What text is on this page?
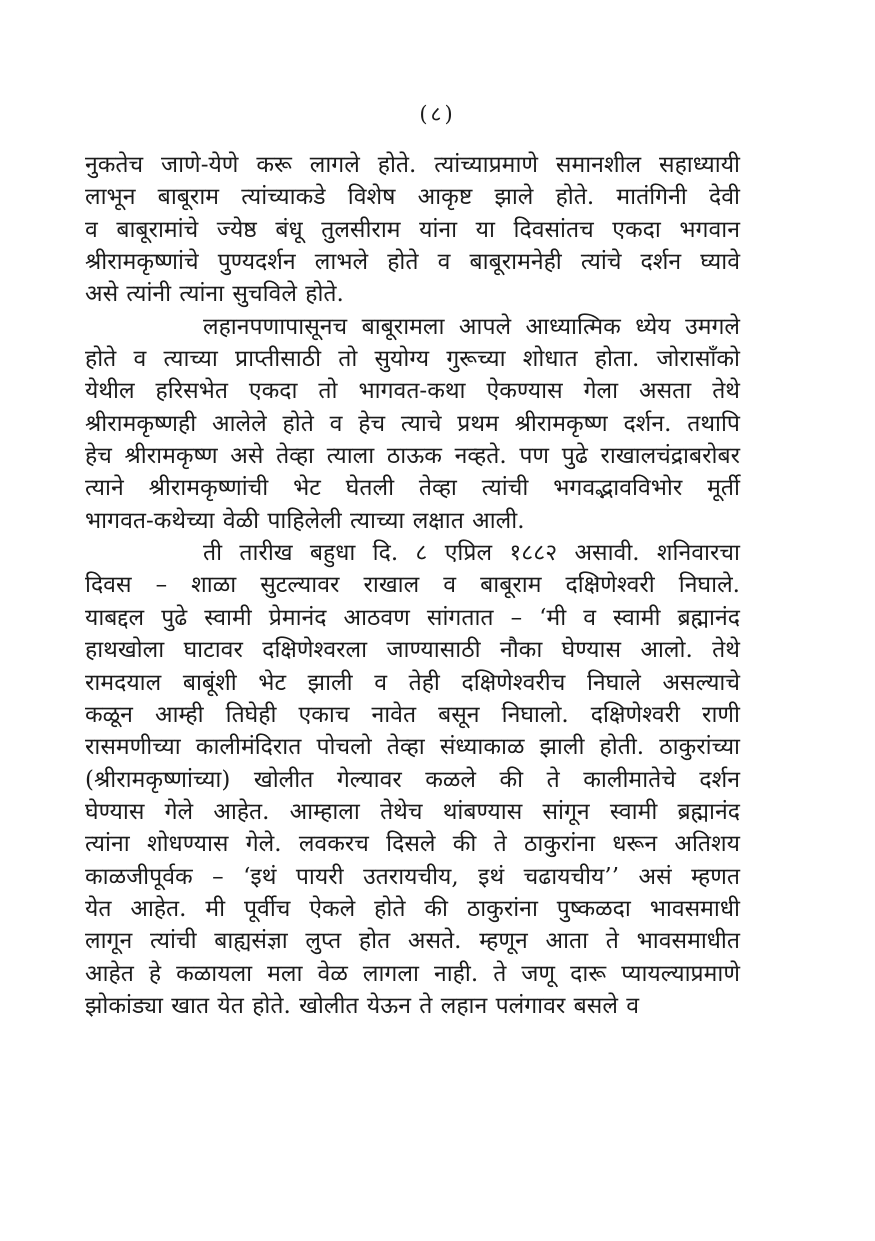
(८)
नुकतेच जाणे-येणे करू लागले होते. त्यांच्याप्रमाणे समानशील सहाध्यायी
लाभून बाबूराम त्यांच्याकडे विशेष आकृष्ट झाले होते. मातंगिनी देवी
व बाबूरामांचे ज्येष्ठ बंधू तुलसीराम यांना या दिवसांतच एकदा भगवान
श्रीरामकृष्णांचे पुण्यदर्शन लाभले होते व बाबूरामनेही त्यांचे दर्शन घ्यावे
असे त्यांनी त्यांना सुचविले होते.
लहानपणापासूनच बाबूरामला आपले आध्यात्मिक ध्येय उमगले
होते व त्याच्या प्राप्तीसाठी तो सुयोग्य गुरूच्या शोधात होता. जोरासाँको
येथील हरिसभेत एकदा तो भागवत-कथा ऐकण्यास गेला असता तेथे
श्रीरामकृष्णही आलेले होते व हेच त्याचे प्रथम श्रीरामकृष्ण दर्शन. तथापि
हेच श्रीरामकृष्ण असे तेव्हा त्याला ठाऊक नव्हते. पण पुढे राखालचंद्राबरोबर
त्याने श्रीरामकृष्णांची भेट घेतली तेव्हा त्यांची भगवद्भावविभोर मूर्ती
भागवत-कथेच्या वेळी पाहिलेली त्याच्या लक्षात आली.
ती तारीख बहुधा दि. ८ एप्रिल १८८२ असावी. शनिवारचा
दिवस – शाळा सुटल्यावर राखाल व बाबूराम दक्षिणेश्वरी निघाले.
याबद्दल पुढे स्वामी प्रेमानंद आठवण सांगतात – ‘मी व स्वामी ब्रह्मानंद
हाथखोला घाटावर दक्षिणेश्वरला जाण्यासाठी नौका घेण्यास आलो. तेथे
रामदयाल बाबूंशी भेट झाली व तेही दक्षिणेश्वरीच निघाले असल्याचे
कळून आम्ही तिघेही एकाच नावेत बसून निघालो. दक्षिणेश्वरी राणी
रासमणीच्या कालीमंदिरात पोचलो तेव्हा संध्याकाळ झाली होती. ठाकुरांच्या
(श्रीरामकृष्णांच्या) खोलीत गेल्यावर कळले की ते कालीमातेचे दर्शन
घेण्यास गेले आहेत. आम्हाला तेथेच थांबण्यास सांगून स्वामी ब्रह्मानंद
त्यांना शोधण्यास गेले. लवकरच दिसले की ते ठाकुरांना धरून अतिशय
काळजीपूर्वक – ‘इथं पायरी उतरायचीय, इथं चढायचीय’’ असं म्हणत
येत आहेत. मी पूर्वीच ऐकले होते की ठाकुरांना पुष्कळदा भावसमाधी
लागून त्यांची बाह्यसंज्ञा लुप्त होत असते. म्हणून आता ते भावसमाधीत
आहेत हे कळायला मला वेळ लागला नाही. ते जणू दारू प्यायल्याप्रमाणे
झोकांड्या खात येत होते. खोलीत येऊन ते लहान पलंगावर बसले व
